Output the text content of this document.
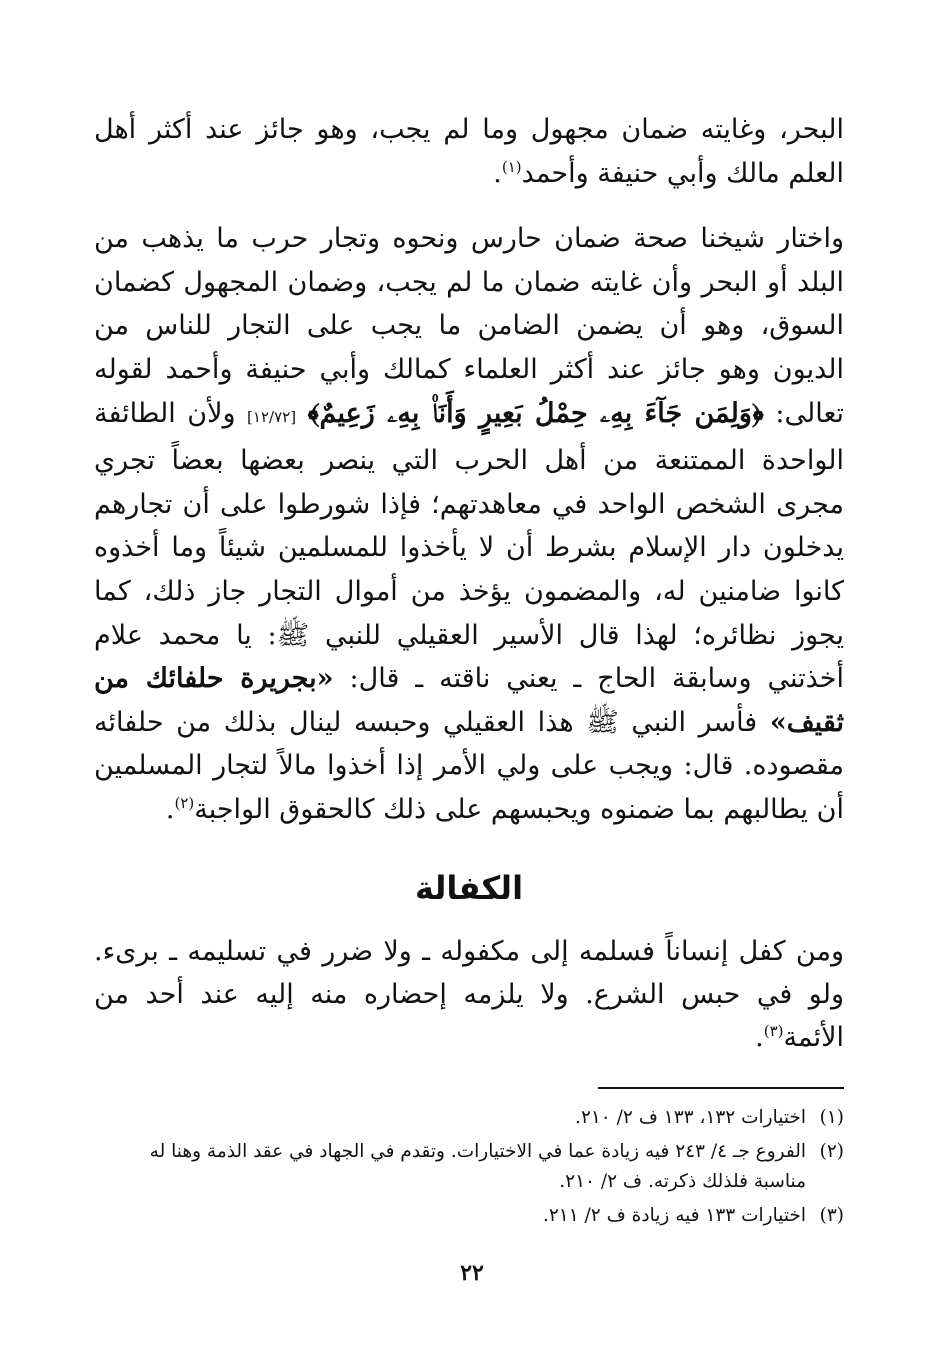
البحر، وغايته ضمان مجهول وما لم يجب، وهو جائز عند أكثر أهل العلم مالك وأبي حنيفة وأحمد$^{(١)}$.

واختار شيخنا صحة ضمان حارس ونحوه وتجار حرب ما يذهب من البلد أو البحر وأن غايته ضمان ما لم يجب، وضمان المجهول كضمان السوق، وهو أن يضمن الضامن ما يجب على التجار للناس من الديون وهو جائز عند أكثر العلماء كمالك وأبي حنيفة وأحمد لقوله تعالى: ﴿وَلِمَن جَآءَ بِهِۦ حِمْلُ بَعِيرٍ وَأَنَا۠ بِهِۦ زَعِيمٌ﴾ [١٢/٧٢] ولأن الطائفة الواحدة الممتنعة من أهل الحرب التي ينصر بعضها بعضاً تجري مجرى الشخص الواحد في معاهدتهم؛ فإذا شورطوا على أن تجارهم يدخلون دار الإسلام بشرط أن لا يأخذوا للمسلمين شيئاً وما أخذوه كانوا ضامنين له، والمضمون يؤخذ من أموال التجار جاز ذلك، كما يجوز نظائره؛ لهذا قال الأسير العقيلي للنبي ﷺ: يا محمد علام أخذتني وسابقة الحاج ـ يعني ناقته ـ قال: «بجريرة حلفائك من ثقيف» فأسر النبي ﷺ هذا العقيلي وحبسه لينال بذلك من حلفائه مقصوده. قال: ويجب على ولي الأمر إذا أخذوا مالاً لتجار المسلمين أن يطالبهم بما ضمنوه ويحبسهم على ذلك كالحقوق الواجبة$^{(٢)}$.

الكفالة

ومن كفل إنساناً فسلمه إلى مكفوله ـ ولا ضرر في تسليمه ـ برىء. ولو في حبس الشرع. ولا يلزمه إحضاره منه إليه عند أحد من الأئمة$^{(٣)}$.

(١)
اختيارات ١٣٢، ١٣٣ ف ٢/ ٢١٠.
(٢)
الفروع جـ ٤/ ٢٤٣ فيه زيادة عما في الاختيارات. وتقدم في الجهاد في عقد الذمة وهنا له مناسبة فلذلك ذكرته. ف ٢/ ٢١٠.
(٣)
اختيارات ١٣٣ فيه زيادة ف ٢/ ٢١١.
٢٢
